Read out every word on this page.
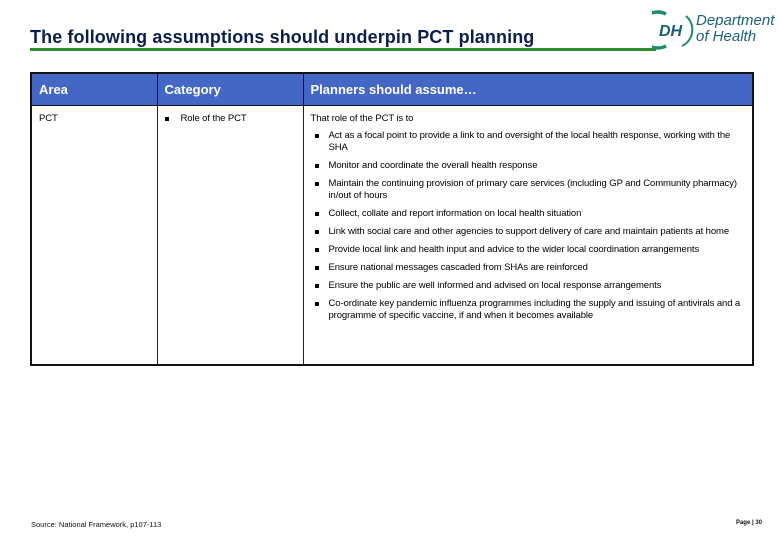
The following assumptions should underpin PCT planning	DH
Department
of Health
Area	Category	Planners should assume…
PCT	Role of the PCT	That role of the PCT is to
Act as a focal point to provide a link to and oversight of the local health response, working with the SHA
Monitor and coordinate the overall health response
Maintain the continuing provision of primary care services (including GP and Community pharmacy) in/out of hours
Collect, collate and report information on local health situation
Link with social care and other agencies to support delivery of care and maintain patients at home
Provide local link and health input and advice to the wider local coordination arrangements
Ensure national messages cascaded from SHAs are reinforced
Ensure the public are well informed and advised on local response arrangements
Co-ordinate key pandemic influenza programmes including the supply and issuing of antivirals and a programme of specific vaccine, if and when it becomes available
Source: National Framework, p107-113	Page | 30
